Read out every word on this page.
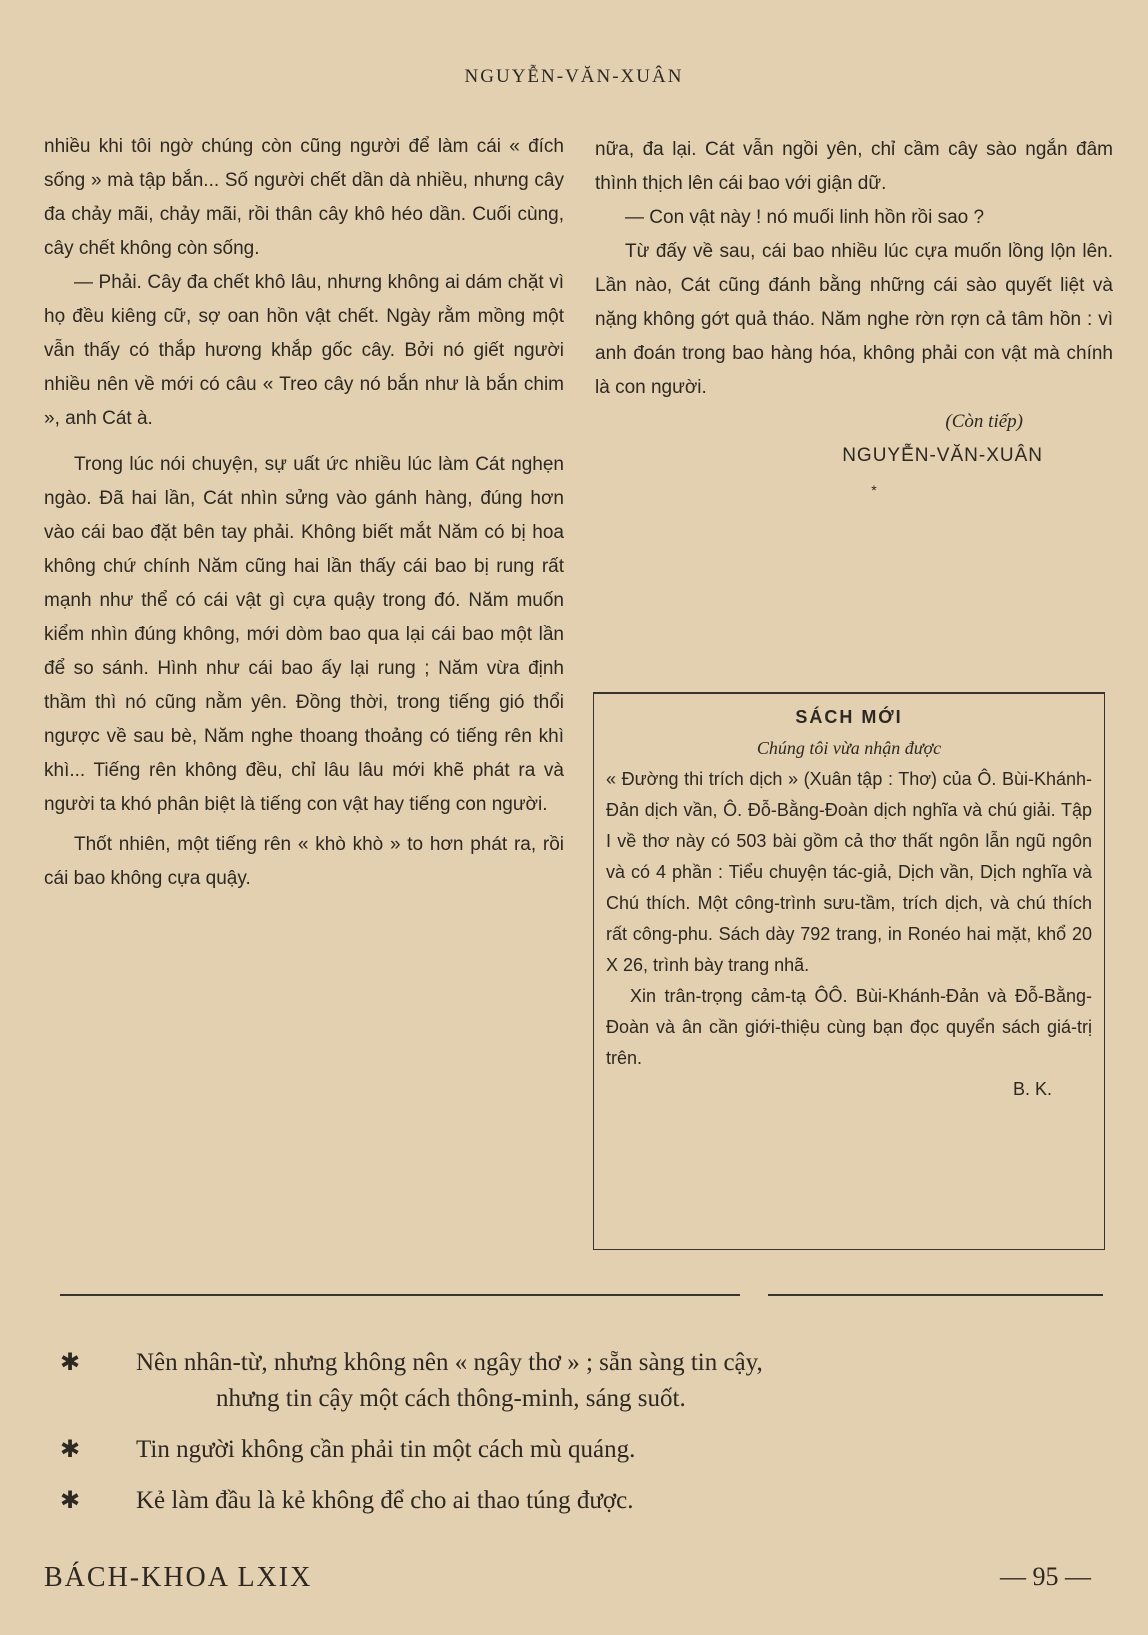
NGUYỄN-VĂN-XUÂN

nhiều khi tôi ngờ chúng còn cũng người để làm cái « đích sống » mà tập bắn... Số người chết dần dà nhiều, nhưng cây đa chảy mãi, chảy mãi, rồi thân cây khô héo dần. Cuối cùng, cây chết không còn sống.

— Phải. Cây đa chết khô lâu, nhưng không ai dám chặt vì họ đều kiêng cữ, sợ oan hồn vật chết. Ngày rằm mồng một vẫn thấy có thắp hương khắp gốc cây. Bởi nó giết người nhiều nên về mới có câu « Treo cây nó bắn như là bắn chim », anh Cát à.

Trong lúc nói chuyện, sự uất ức nhiều lúc làm Cát nghẹn ngào. Đã hai lần, Cát nhìn sửng vào gánh hàng, đúng hơn vào cái bao đặt bên tay phải. Không biết mắt Năm có bị hoa không chứ chính Năm cũng hai lần thấy cái bao bị rung rất mạnh như thể có cái vật gì cựa quậy trong đó. Năm muốn kiểm nhìn đúng không, mới dòm bao qua lại cái bao một lần để so sánh. Hình như cái bao ấy lại rung ; Năm vừa định thầm thì nó cũng nằm yên. Đồng thời, trong tiếng gió thổi ngược về sau bè, Năm nghe thoang thoảng có tiếng rên khì khì... Tiếng rên không đều, chỉ lâu lâu mới khẽ phát ra và người ta khó phân biệt là tiếng con vật hay tiếng con người.

Thốt nhiên, một tiếng rên « khò khò » to hơn phát ra, rồi cái bao không cựa quậy.

nữa, đa lại. Cát vẫn ngồi yên, chỉ cầm cây sào ngắn đâm thình thịch lên cái bao với giận dữ.

— Con vật này ! nó muối linh hồn rồi sao ?

Từ đấy về sau, cái bao nhiều lúc cựa muốn lồng lộn lên. Lần nào, Cát cũng đánh bằng những cái sào quyết liệt và nặng không gớt quả tháo. Năm nghe rờn rợn cả tâm hồn : vì anh đoán trong bao hàng hóa, không phải con vật mà chính là con người.

(Còn tiếp)

NGUYỄN-VĂN-XUÂN

*

SÁCH MỚI

Chúng tôi vừa nhận được

« Đường thi trích dịch » (Xuân tập : Thơ) của Ô. Bùi-Khánh-Đản dịch vần, Ô. Đỗ-Bằng-Đoàn dịch nghĩa và chú giải. Tập I về thơ này có 503 bài gồm cả thơ thất ngôn lẫn ngũ ngôn và có 4 phần : Tiểu chuyện tác-giả, Dịch vần, Dịch nghĩa và Chú thích. Một công-trình sưu-tầm, trích dịch, và chú thích rất công-phu. Sách dày 792 trang, in Ronéo hai mặt, khổ 20 X 26, trình bày trang nhã.

Xin trân-trọng cảm-tạ ÔÔ. Bùi-Khánh-Đản và Đỗ-Bằng-Đoàn và ân cần giới-thiệu cùng bạn đọc quyển sách giá-trị trên.

B. K.

✱ Nên nhân-từ, nhưng không nên « ngây thơ » ; sẵn sàng tin cậy,
nhưng tin cậy một cách thông-minh, sáng suốt.
✱ Tin người không cần phải tin một cách mù quáng.
✱ Kẻ làm đầu là kẻ không để cho ai thao túng được.
BÁCH-KHOA LXIX	— 95 —
